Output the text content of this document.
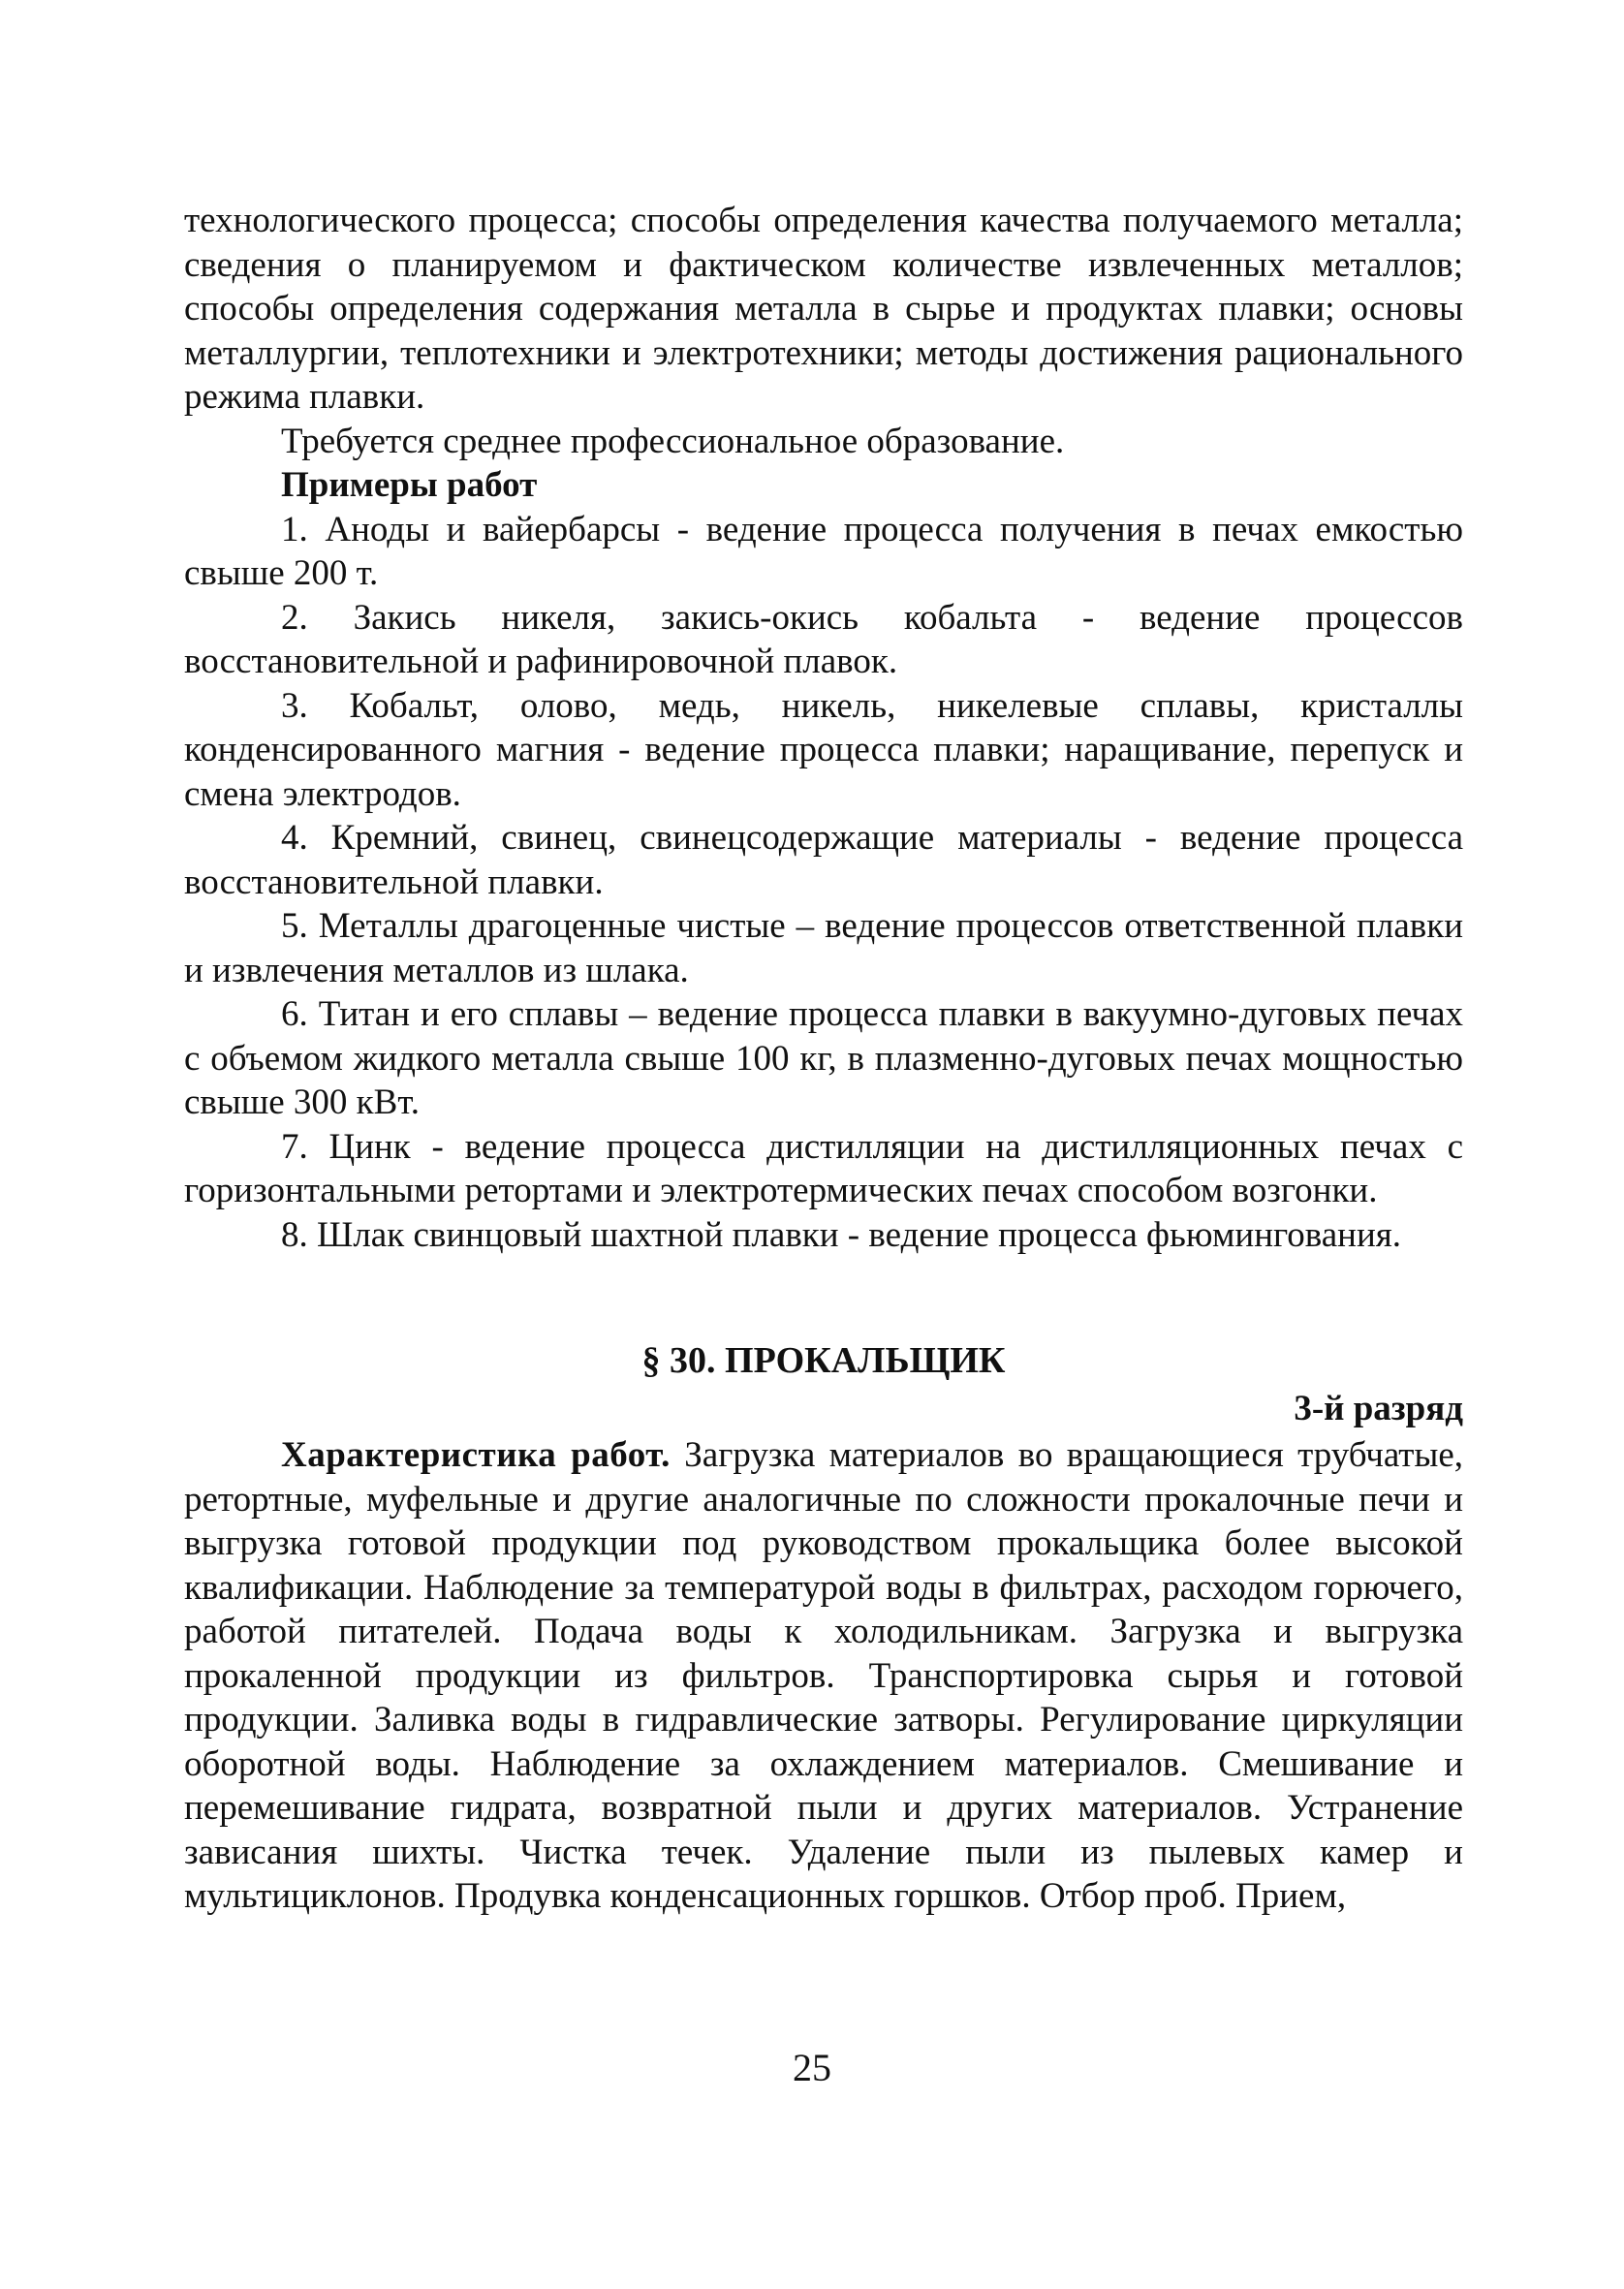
технологического процесса; способы определения качества получаемого металла; сведения о планируемом и фактическом количестве извлеченных металлов; способы определения содержания металла в сырье и продуктах плавки; основы металлургии, теплотехники и электротехники; методы достижения рационального режима плавки.

Требуется среднее профессиональное образование.

Примеры работ

1. Аноды и вайербарсы - ведение процесса получения в печах емкостью свыше 200 т.

2. Закись никеля, закись-окись кобальта - ведение процессов восстановительной и рафинировочной плавок.

3. Кобальт, олово, медь, никель, никелевые сплавы, кристаллы конденсированного магния - ведение процесса плавки; наращивание, перепуск и смена электродов.

4. Кремний, свинец, свинецсодержащие материалы - ведение процесса восстановительной плавки.

5. Металлы драгоценные чистые – ведение процессов ответственной плавки и извлечения металлов из шлака.

6. Титан и его сплавы – ведение процесса плавки в вакуумно-дуговых печах с объемом жидкого металла свыше 100 кг, в плазменно-дуговых печах мощностью свыше 300 кВт.

7. Цинк - ведение процесса дистилляции на дистилляционных печах с горизонтальными ретортами и электротермических печах способом возгонки.

8. Шлак свинцовый шахтной плавки - ведение процесса фьюмингования.

§ 30. ПРОКАЛЬЩИК

3-й разряд

Характеристика работ. Загрузка материалов во вращающиеся трубчатые, ретортные, муфельные и другие аналогичные по сложности прокалочные печи и выгрузка готовой продукции под руководством прокальщика более высокой квалификации. Наблюдение за температурой воды в фильтрах, расходом горючего, работой питателей. Подача воды к холодильникам. Загрузка и выгрузка прокаленной продукции из фильтров. Транспортировка сырья и готовой продукции. Заливка воды в гидравлические затворы. Регулирование циркуляции оборотной воды. Наблюдение за охлаждением материалов. Смешивание и перемешивание гидрата, возвратной пыли и других материалов. Устранение зависания шихты. Чистка течек. Удаление пыли из пылевых камер и мультициклонов. Продувка конденсационных горшков. Отбор проб. Прием,

25
